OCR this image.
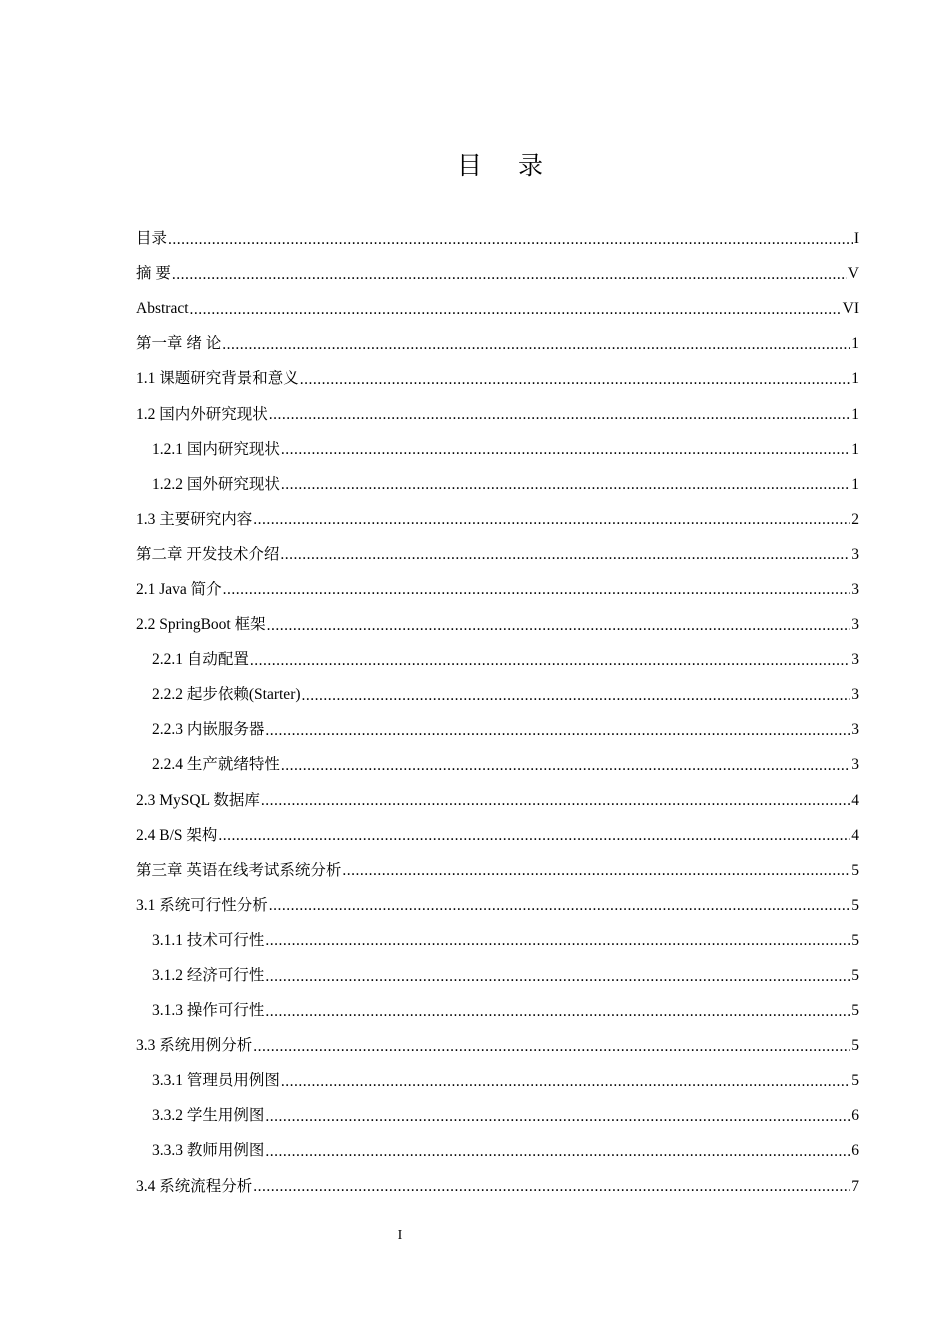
目 录
目录 .....	I
摘 要 .....	V
Abstract .....	VI
第一章 绪 论 .....	1
1.1 课题研究背景和意义 .....	1
1.2 国内外研究现状 .....	1
1.2.1 国内研究现状 .....	1
1.2.2 国外研究现状 .....	1
1.3 主要研究内容 .....	2
第二章 开发技术介绍 .....	3
2.1 Java 简介 .....	3
2.2 SpringBoot 框架 .....	3
2.2.1 自动配置 .....	3
2.2.2 起步依赖(Starter) .....	3
2.2.3 内嵌服务器 .....	3
2.2.4 生产就绪特性 .....	3
2.3 MySQL 数据库 .....	4
2.4 B/S 架构 .....	4
第三章 英语在线考试系统分析 .....	5
3.1 系统可行性分析 .....	5
3.1.1 技术可行性 .....	5
3.1.2 经济可行性 .....	5
3.1.3 操作可行性 .....	5
3.3 系统用例分析 .....	5
3.3.1 管理员用例图 .....	5
3.3.2 学生用例图 .....	6
3.3.3 教师用例图 .....	6
3.4 系统流程分析 .....	7
I
